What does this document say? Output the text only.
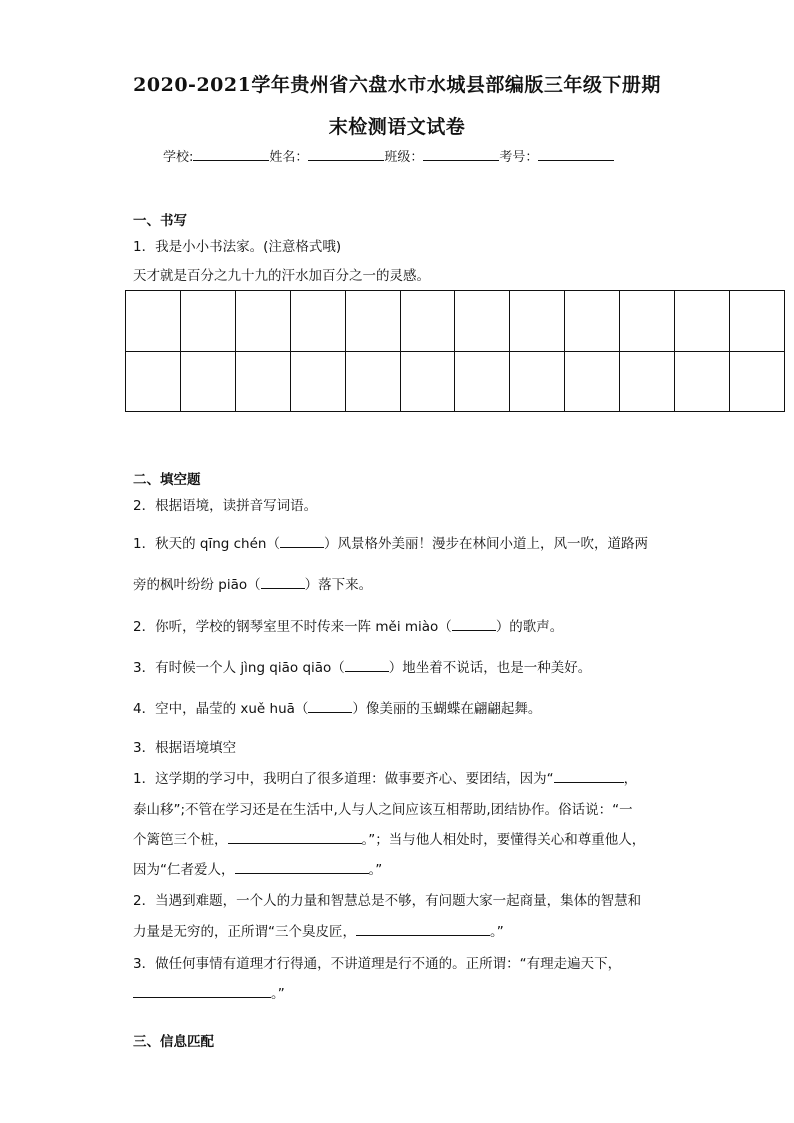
2020-2021学年贵州省六盘水市水城县部编版三年级下册期
末检测语文试卷
学校:	姓名：	班级：	考号：
一、书写
1．我是小小书法家。(注意格式哦)
天才就是百分之九十九的汗水加百分之一的灵感。

二、填空题
2．根据语境，读拼音写词语。
1．秋天的 qīng chén（	）风景格外美丽！漫步在林间小道上，风一吹，道路两
旁的枫叶纷纷 piāo（	）落下来。
2．你听，学校的钢琴室里不时传来一阵 měi miào（	）的歌声。
3．有时候一个人 jìng qiāo qiāo（	）地坐着不说话，也是一种美好。
4．空中，晶莹的 xuě huā（	）像美丽的玉蝴蝶在翩翩起舞。
3．根据语境填空
1．这学期的学习中，我明白了很多道理：做事要齐心、要团结，因为“	，
泰山移”;不管在学习还是在生活中,人与人之间应该互相帮助,团结协作。俗话说：“一
个篱笆三个桩，	。”；当与他人相处时，要懂得关心和尊重他人，
因为“仁者爱人，	。”
2．当遇到难题，一个人的力量和智慧总是不够，有问题大家一起商量，集体的智慧和
力量是无穷的，正所谓“三个臭皮匠，	。”
3．做任何事情有道理才行得通，不讲道理是行不通的。正所谓：“有理走遍天下，
。”
三、信息匹配
